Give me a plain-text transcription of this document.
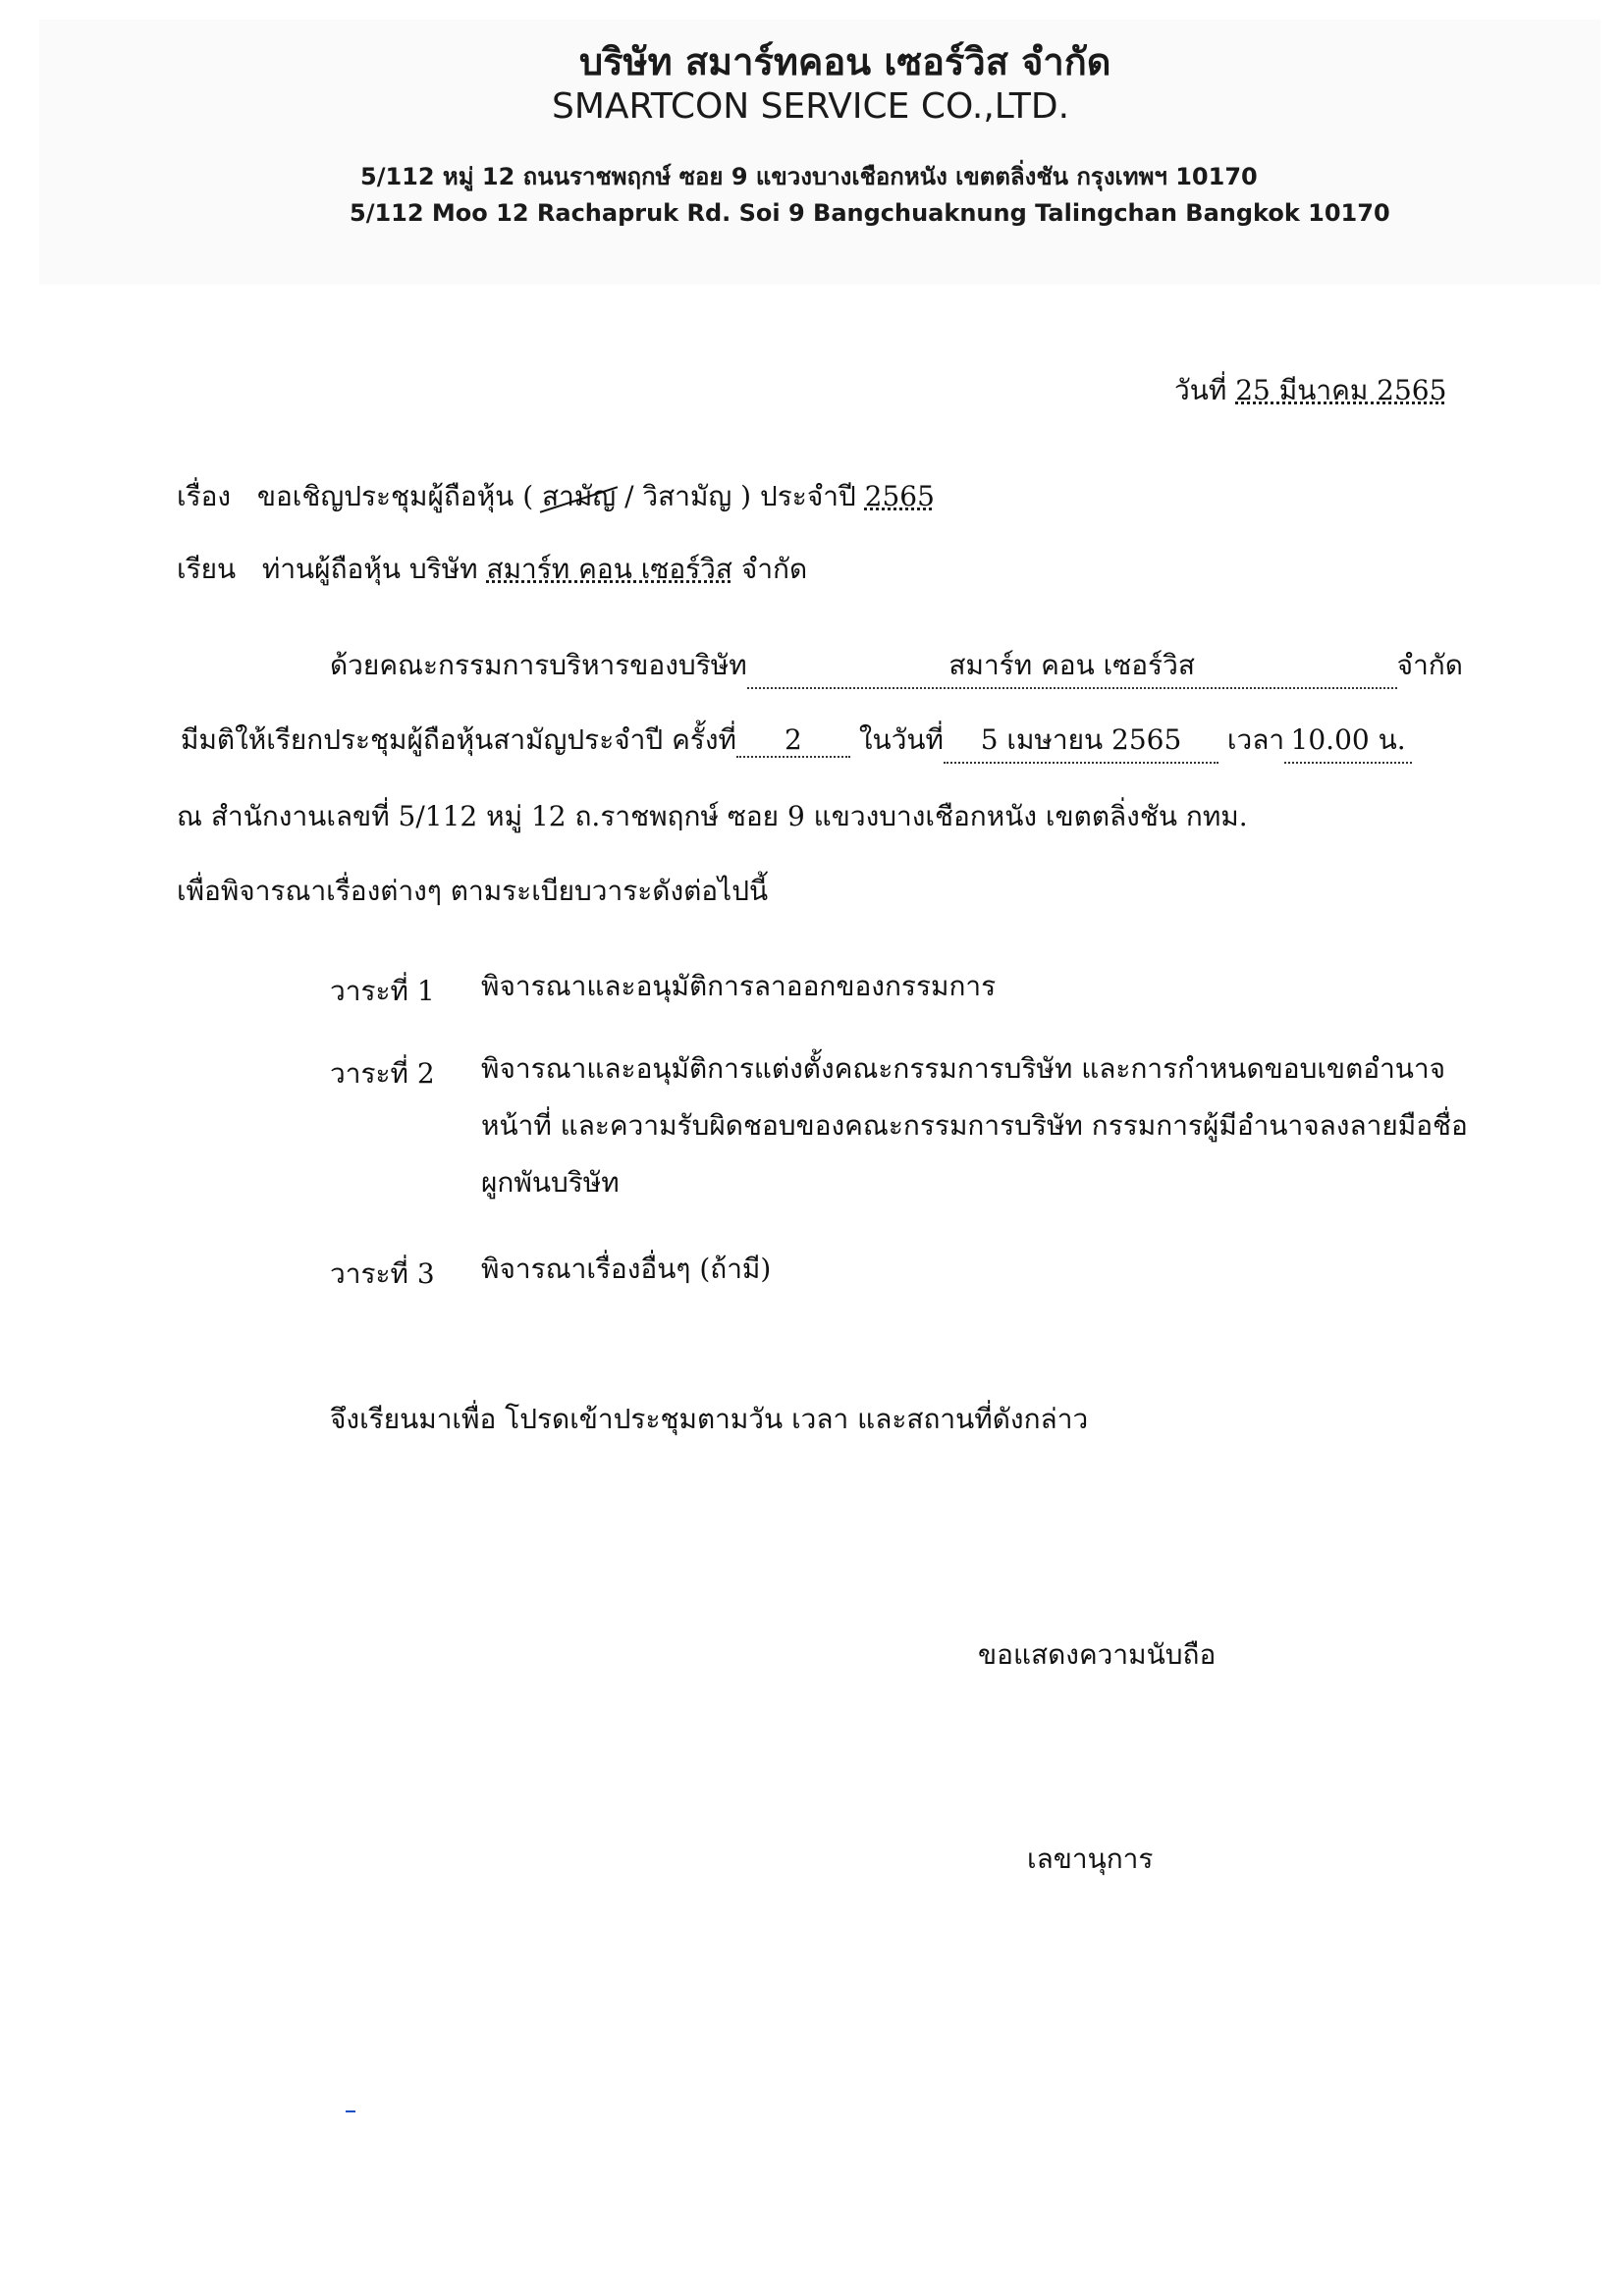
บริษัท สมาร์ทคอน เซอร์วิส จำกัด
SMARTCON SERVICE CO.,LTD.
5/112 หมู่ 12 ถนนราชพฤกษ์ ซอย 9 แขวงบางเชือกหนัง เขตตลิ่งชัน กรุงเทพฯ 10170
5/112 Moo 12 Rachapruk Rd. Soi 9 Bangchuaknung Talingchan Bangkok 10170
วันที่ 25 มีนาคม 2565
เรื่อง ขอเชิญประชุมผู้ถือหุ้น ( สามัญ / วิสามัญ ) ประจำปี 2565
เรียน ท่านผู้ถือหุ้น บริษัท สมาร์ท คอน เซอร์วิส จำกัด
ด้วยคณะกรรมการบริหารของบริษัท	สมาร์ท คอน เซอร์วิส	จำกัด
มีมติให้เรียกประชุมผู้ถือหุ้นสามัญประจำปี ครั้งที่ 2 ในวันที่ 5 เมษายน 2565 เวลา 10.00 น.
ณ สำนักงานเลขที่ 5/112 หมู่ 12 ถ.ราชพฤกษ์ ซอย 9 แขวงบางเชือกหนัง เขตตลิ่งชัน กทม.
เพื่อพิจารณาเรื่องต่างๆ ตามระเบียบวาระดังต่อไปนี้
วาระที่ 1 พิจารณาและอนุมัติการลาออกของกรรมการ
วาระที่ 2 พิจารณาและอนุมัติการแต่งตั้งคณะกรรมการบริษัท และการกำหนดขอบเขตอำนาจหน้าที่ และความรับผิดชอบของคณะกรรมการบริษัท กรรมการผู้มีอำนาจลงลายมือชื่อผูกพันบริษัท
วาระที่ 3 พิจารณาเรื่องอื่นๆ (ถ้ามี)
จึงเรียนมาเพื่อ โปรดเข้าประชุมตามวัน เวลา และสถานที่ดังกล่าว
ขอแสดงความนับถือ
เลขานุการ
